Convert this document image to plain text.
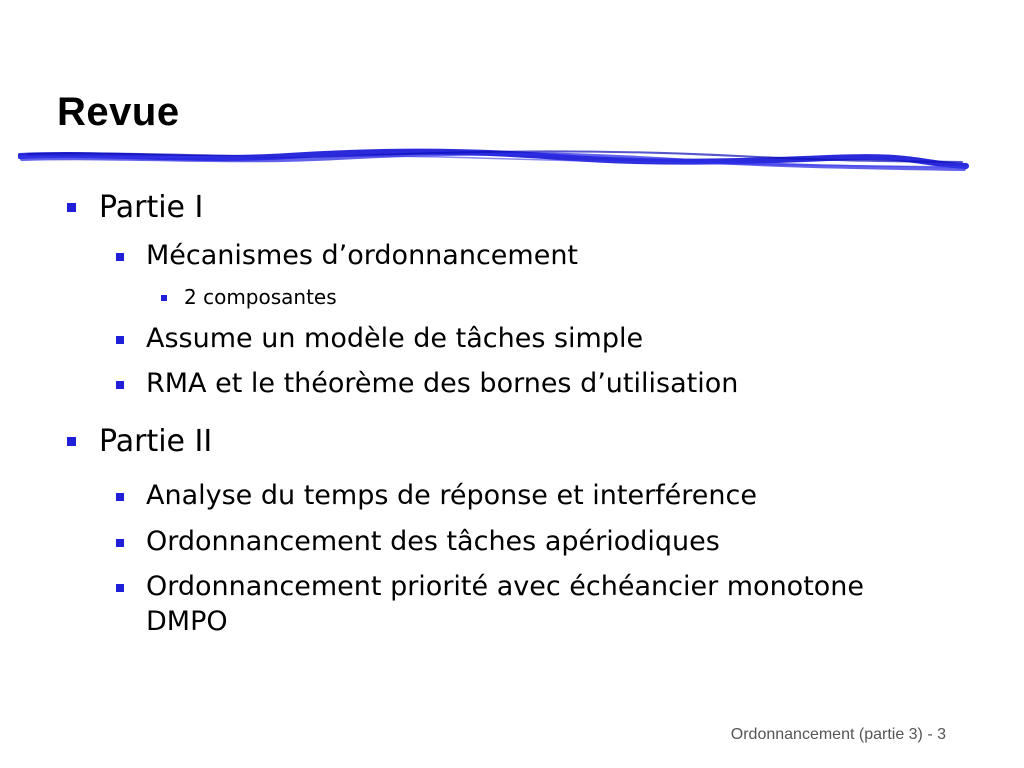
Revue
Partie I
Mécanismes d’ordonnancement
2 composantes
Assume un modèle de tâches simple
RMA et le théorème des bornes d’utilisation
Partie II
Analyse du temps de réponse et interférence
Ordonnancement des tâches apériodiques
Ordonnancement priorité avec échéancier monotone
DMPO
Ordonnancement (partie 3) - 3
